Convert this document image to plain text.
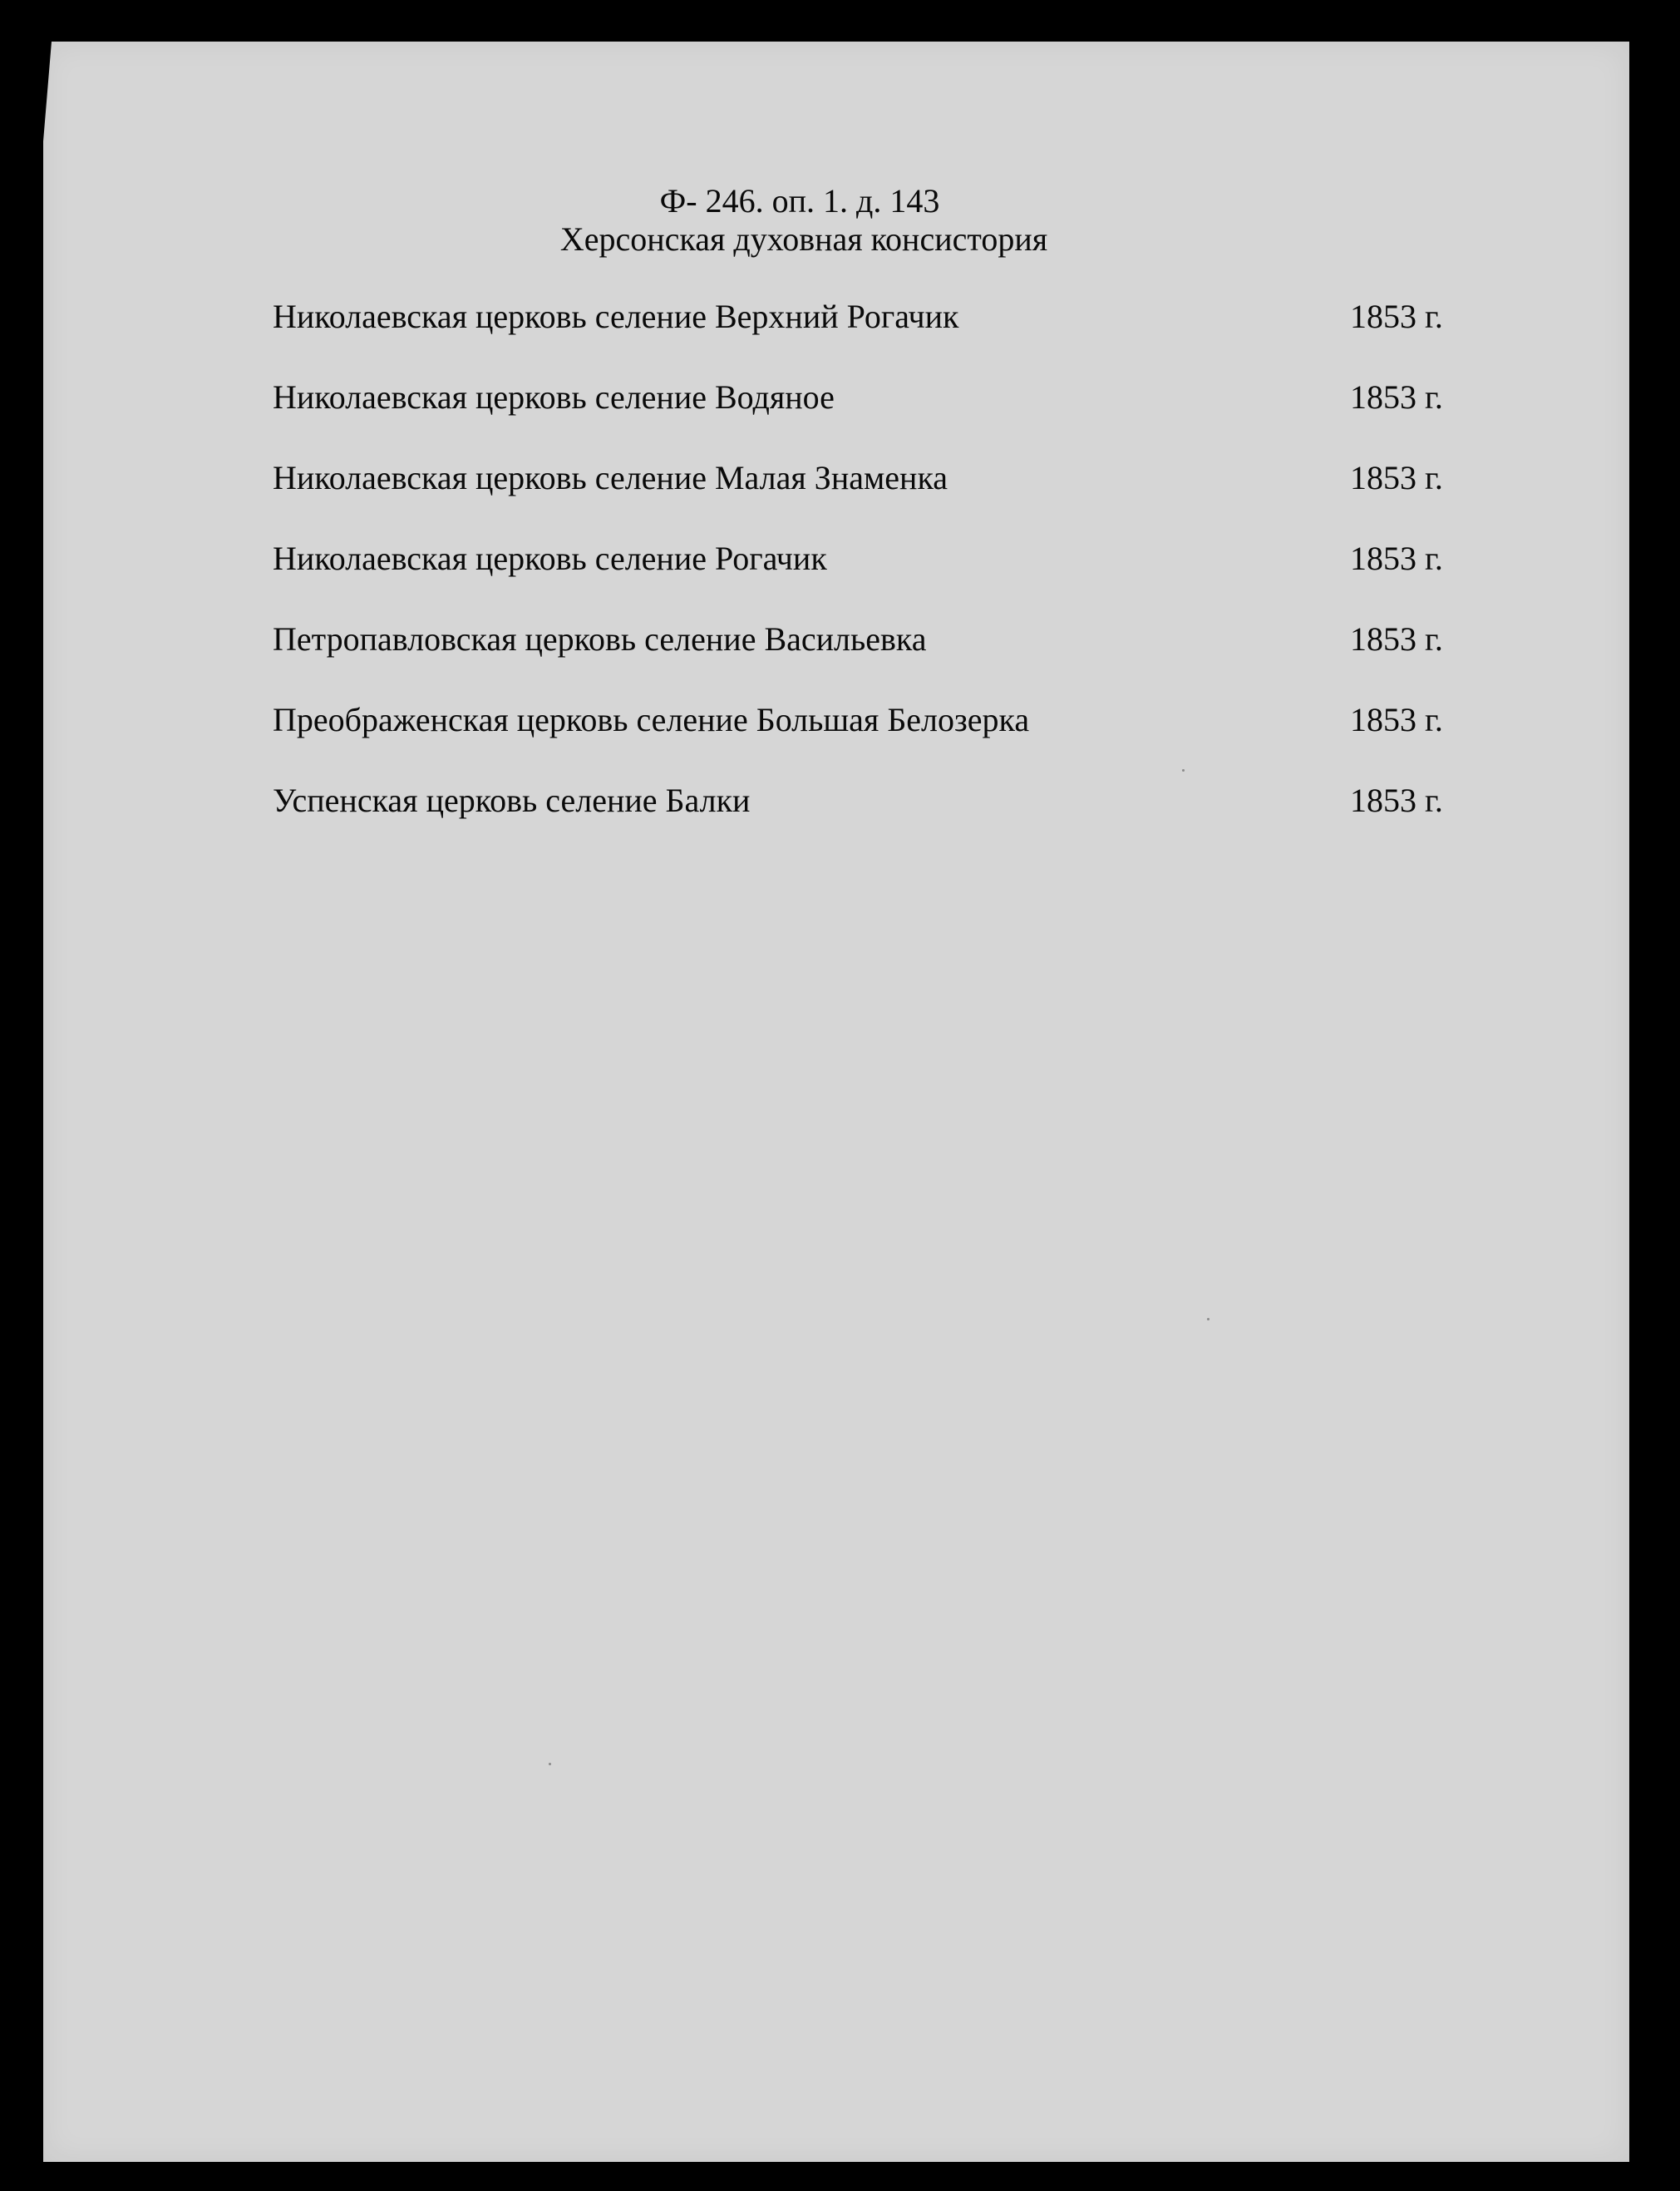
Ф- 246. оп. 1. д. 143
Херсонская духовная консистория
Николаевская церковь селение Верхний Рогачик	1853 г.
Николаевская церковь селение Водяное	1853 г.
Николаевская церковь селение Малая Знаменка	1853 г.
Николаевская церковь селение Рогачик	1853 г.
Петропавловская церковь селение Васильевка	1853 г.
Преображенская церковь селение Большая Белозерка	1853 г.
Успенская церковь селение Балки	1853 г.
